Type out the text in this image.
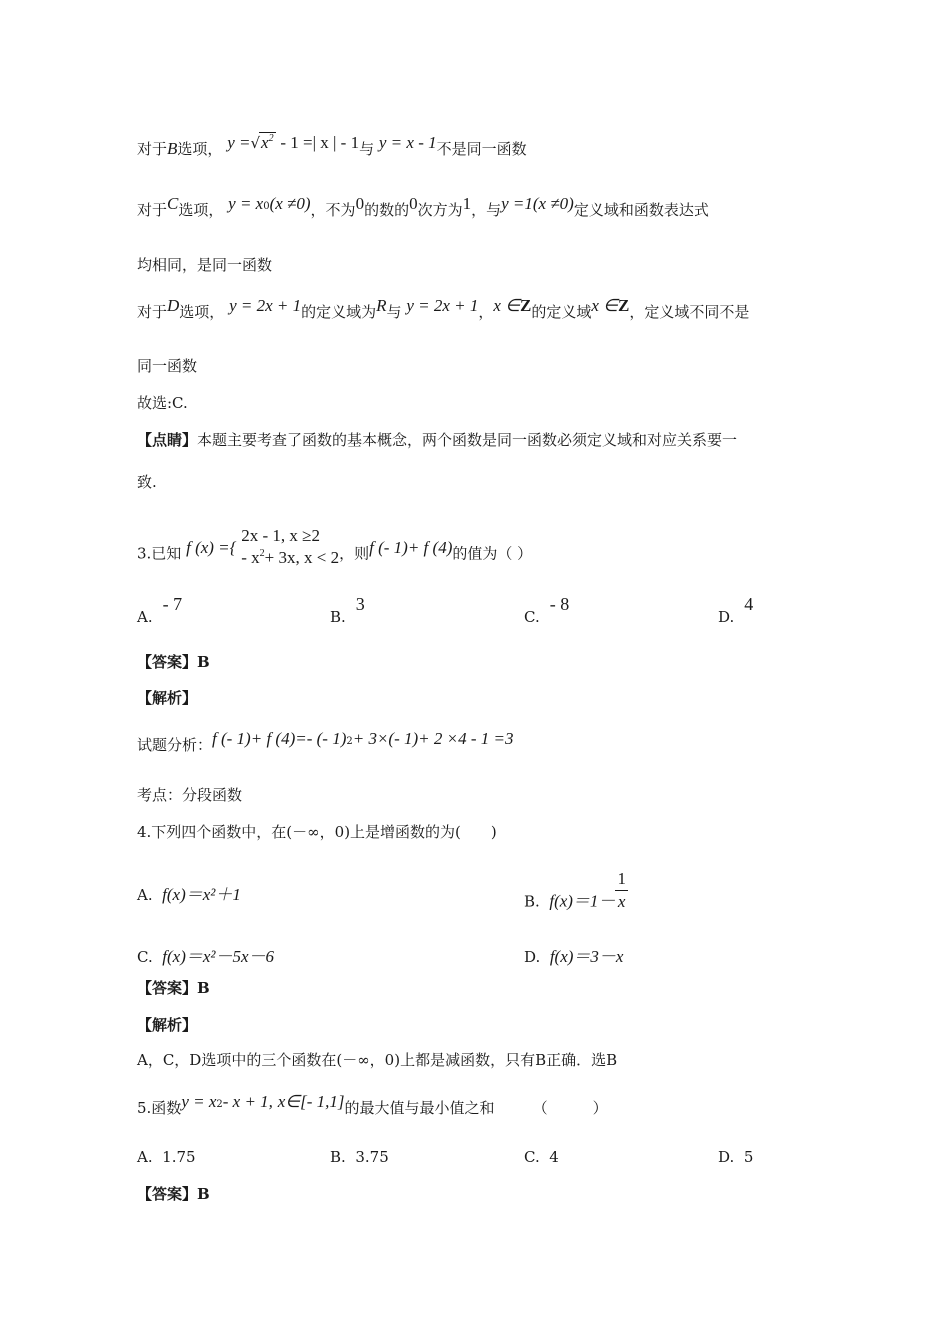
对于B选项， $y =√x^2 - 1$ =| x | - 1与 y = x - 1不是同一函数
对于C选项， $y = x^0(x \ne 0)$，不为0的数的0次方为1，与y =1(x ≠0)定义域和函数表达式
均相同，是同一函数
对于D选项， y = 2x + 1的定义域为R与 y = 2x + 1，x ∈Z的定义域x ∈Z，定义域不同不是
同一函数
故选:C.
【点睛】本题主要考查了函数的基本概念，两个函数是同一函数必须定义域和对应关系要一
致.
3.已知 f (x) ={
2x - 1, x ≥2
- $x^2+ 3x$, x < 2 ，则f (- 1)+ f (4)的值为（ ）
A.- 7
B.3
C.- 8
D.4
【答案】B
【解析】
试题分析：f (- 1)+ f (4)=- (- 1)$^2$+ 3×(- 1)+ 2 ×4 - 1 =3
考点：分段函数
4.下列四个函数中，在(－∞，0)上是增函数的为(　　)
A. f(x)＝x²＋1	B. $f(x)=1- \frac{1}{x}$
C. f(x)＝x²－5x－6	D. f(x)＝3－x
【答案】B
【解析】
A，C，D选项中的三个函数在(－∞，0)上都是减函数，只有B正确．选B
5.函数$y = x^2-$ x + 1, x∈[- 1,1]的最大值与最小值之和	（　　　）
A. 1.75	B. 3.75	C. 4	D. 5
【答案】B
